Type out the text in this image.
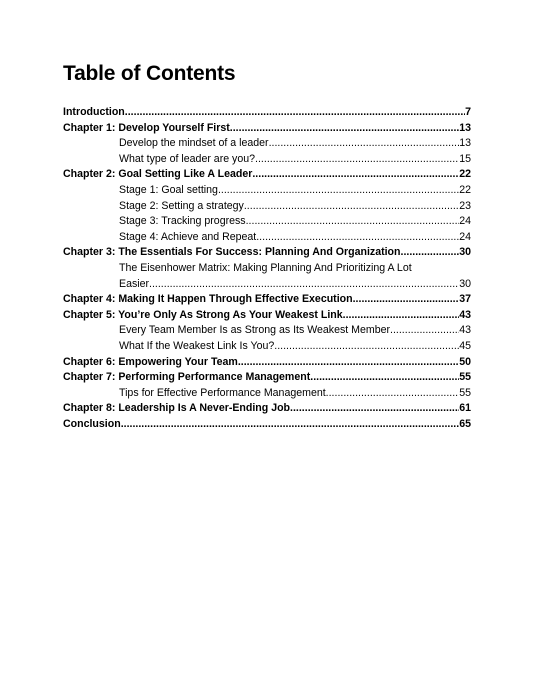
Table of Contents
Introduction .....	7
Chapter 1: Develop Yourself First .....	13
Develop the mindset of a leader .....	13
What type of leader are you? .....	15
Chapter 2: Goal Setting Like A Leader .....	22
Stage 1: Goal setting .....	22
Stage 2: Setting a strategy .....	23
Stage 3: Tracking progress .....	24
Stage 4: Achieve and Repeat .....	24
Chapter 3: The Essentials For Success: Planning And Organization .....	30
The Eisenhower Matrix: Making Planning And Prioritizing A Lot
Easier .....	30
Chapter 4: Making It Happen Through Effective Execution .....	37
Chapter 5: You’re Only As Strong As Your Weakest Link .....	43
Every Team Member Is as Strong as Its Weakest Member .....	43
What If the Weakest Link Is You? .....	45
Chapter 6: Empowering Your Team .....	50
Chapter 7: Performing Performance Management .....	55
Tips for Effective Performance Management .....	55
Chapter 8: Leadership Is A Never-Ending Job .....	61
Conclusion .....	65
